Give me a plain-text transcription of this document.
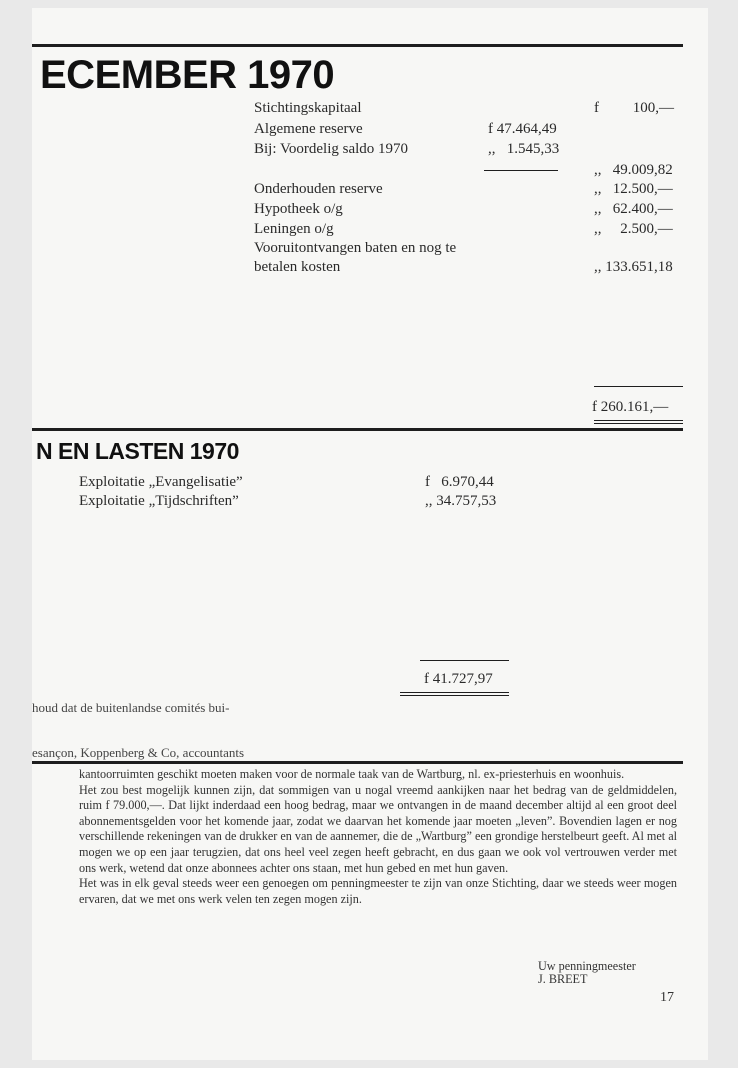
ECEMBER 1970
Stichtingskapitaal	f         100,—
Algemene reserve	f 47.464,49
Bij: Voordelig saldo 1970	,,   1.545,33
,,   49.009,82
Onderhouden reserve	,,   12.500,—
Hypotheek o/g	,,   62.400,—
Leningen o/g	,,     2.500,—
Vooruitontvangen baten en nog te
betalen kosten	,, 133.651,18
f 260.161,—
N EN LASTEN 1970
Exploitatie „Evangelisatie”	f   6.970,44
Exploitatie „Tijdschriften”	,, 34.757,53
f 41.727,97
houd dat de buitenlandse comités bui-
esançon, Koppenberg & Co, accountants

kantoorruimten geschikt moeten maken voor de normale taak van de Wartburg, nl. ex-priesterhuis en woonhuis.

Het zou best mogelijk kunnen zijn, dat sommigen van u nogal vreemd aankijken naar het bedrag van de geldmiddelen, ruim f 79.000,—. Dat lijkt inderdaad een hoog bedrag, maar we ontvangen in de maand december altijd al een groot deel abonnementsgelden voor het komende jaar, zodat we daarvan het komende jaar moeten „leven”. Bovendien lagen er nog verschillende rekeningen van de drukker en van de aannemer, die de „Wartburg” een grondige herstelbeurt geeft. Al met al mogen we op een jaar terugzien, dat ons heel veel zegen heeft gebracht, en dus gaan we ook vol vertrouwen verder met ons werk, wetend dat onze abonnees achter ons staan, met hun gebed en met hun gaven.

Het was in elk geval steeds weer een genoegen om penningmeester te zijn van onze Stichting, daar we steeds weer mogen ervaren, dat we met ons werk velen ten zegen mogen zijn.

Uw penningmeester
J. BREET
17
